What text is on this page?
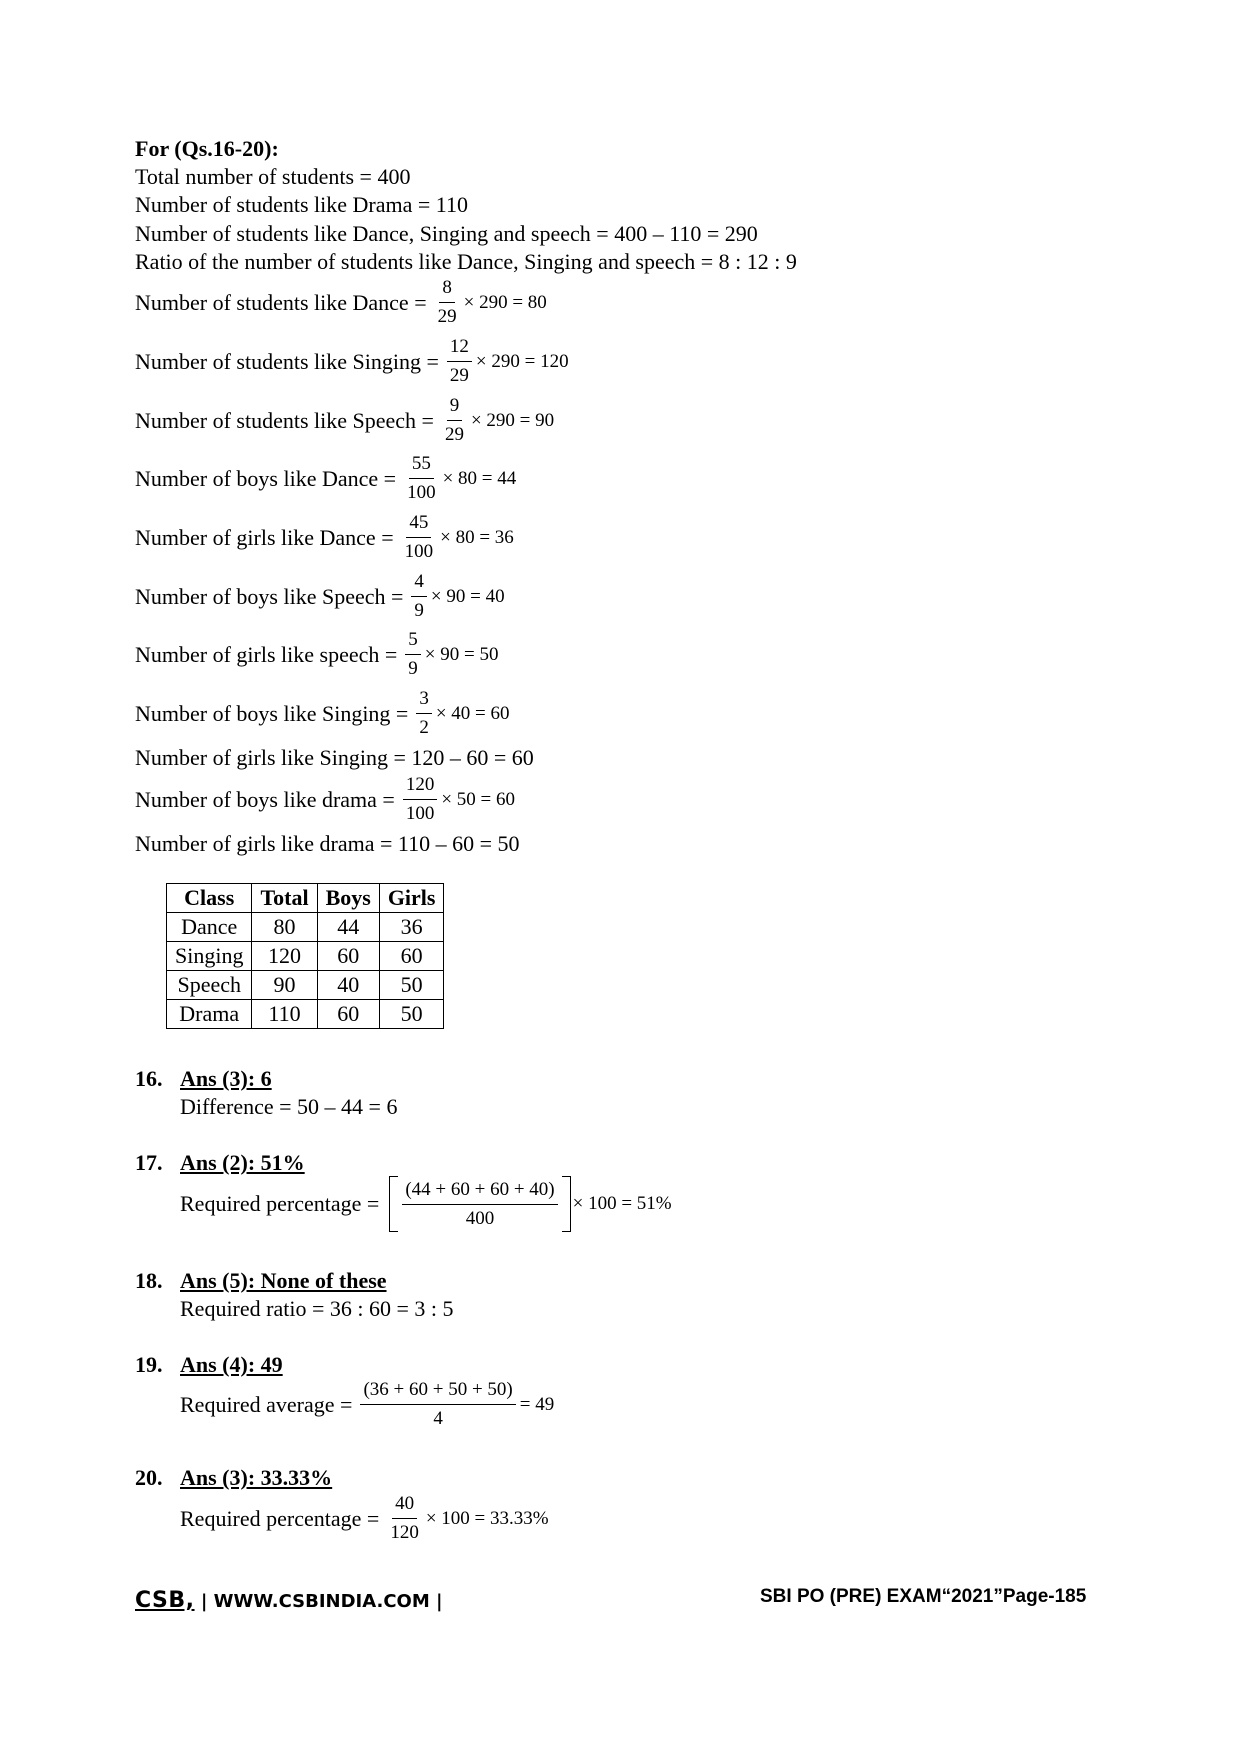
For (Qs.16-20):
Total number of students = 400
Number of students like Drama = 110
Number of students like Dance, Singing and speech = 400 – 110 = 290
Ratio of the number of students like Dance, Singing and speech = 8 : 12 : 9
Number of students like Dance = $\frac{8}{29} \times 290 = 80$
Number of students like Singing = $\frac{12}{29} \times 290 = 120$
Number of students like Speech = $\frac{9}{29} \times 290 = 90$
Number of boys like Dance = $\frac{55}{100} \times 80 = 44$
Number of girls like Dance = $\frac{45}{100} \times 80 = 36$
Number of boys like Speech = $\frac{4}{9} \times 90 = 40$
Number of girls like speech = $\frac{5}{9} \times 90 = 50$
Number of boys like Singing = $\frac{3}{2} \times 40 = 60$
Number of girls like Singing = 120 – 60 = 60
Number of boys like drama = $\frac{120}{100} \times 50 = 60$
Number of girls like drama = 110 – 60 = 50
Class	Total	Boys	Girls
Dance	80	44	36
Singing	120	60	60
Speech	90	40	50
Drama	110	60	50
16. Ans (3): 6
Difference = 50 – 44 = 6
17. Ans (2): 51%
Required percentage = $\frac{(44 + 60 + 60 + 40)}{400} \times 100 = 51\%$
18. Ans (5): None of these
Required ratio = 36 : 60 = 3 : 5
19. Ans (4): 49
Required average = $\frac{(36 + 60 + 50 + 50)}{4} = 49$
20. Ans (3): 33.33%
Required percentage = $\frac{40}{120} \times 100 = 33.33\%$
CSB, | WWW.CSBINDIA.COM |	SBI PO (PRE) EXAM“2021”Page-185
